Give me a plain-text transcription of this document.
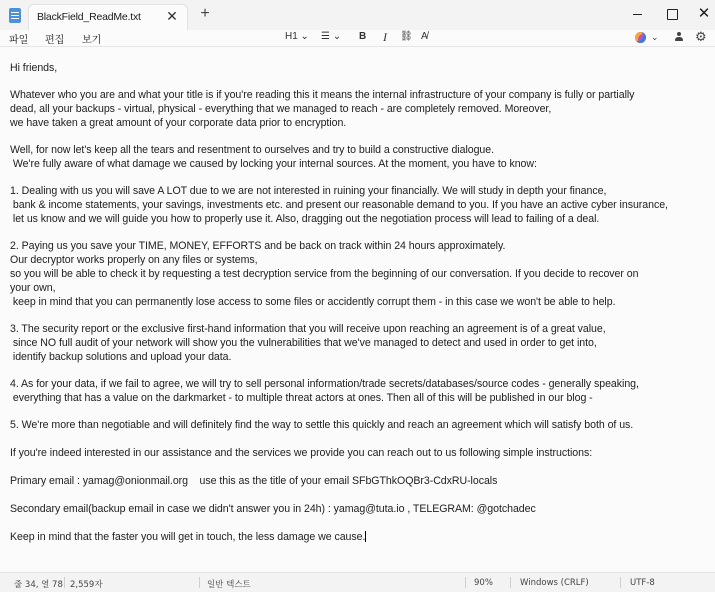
BlackField_ReadMe.txt ✕ +	✕
파일 편집 보기	H1 ⌄ ☰ ⌄ B I ⛓ A̸	⌄	⚙
Hi friends,
Whatever who you are and what your title is if you're reading this it means the internal infrastructure of your company is fully or partially
dead, all your backups - virtual, physical - everything that we managed to reach - are completely removed. Moreover,
we have taken a great amount of your corporate data prior to encryption.
Well, for now let's keep all the tears and resentment to ourselves and try to build a constructive dialogue.
We're fully aware of what damage we caused by locking your internal sources. At the moment, you have to know:
1. Dealing with us you will save A LOT due to we are not interested in ruining your financially. We will study in depth your finance,
bank & income statements, your savings, investments etc. and present our reasonable demand to you. If you have an active cyber insurance,
let us know and we will guide you how to properly use it. Also, dragging out the negotiation process will lead to failing of a deal.
2. Paying us you save your TIME, MONEY, EFFORTS and be back on track within 24 hours approximately.
Our decryptor works properly on any files or systems,
so you will be able to check it by requesting a test decryption service from the beginning of our conversation. If you decide to recover on
your own,
keep in mind that you can permanently lose access to some files or accidently corrupt them - in this case we won't be able to help.
3. The security report or the exclusive first-hand information that you will receive upon reaching an agreement is of a great value,
since NO full audit of your network will show you the vulnerabilities that we've managed to detect and used in order to get into,
identify backup solutions and upload your data.
4. As for your data, if we fail to agree, we will try to sell personal information/trade secrets/databases/source codes - generally speaking,
everything that has a value on the darkmarket - to multiple threat actors at ones. Then all of this will be published in our blog -
5. We're more than negotiable and will definitely find the way to settle this quickly and reach an agreement which will satisfy both of us.
If you're indeed interested in our assistance and the services we provide you can reach out to us following simple instructions:
Primary email : yamag@onionmail.org    use this as the title of your email SFbGThkOQBr3-CdxRU-locals
Secondary email(backup email in case we didn't answer you in 24h) : yamag@tuta.io , TELEGRAM: @gotchadec
Keep in mind that the faster you will get in touch, the less damage we cause.
줄 34, 열 78 2,559자	일반 텍스트	90%	Windows (CRLF)	UTF-8
